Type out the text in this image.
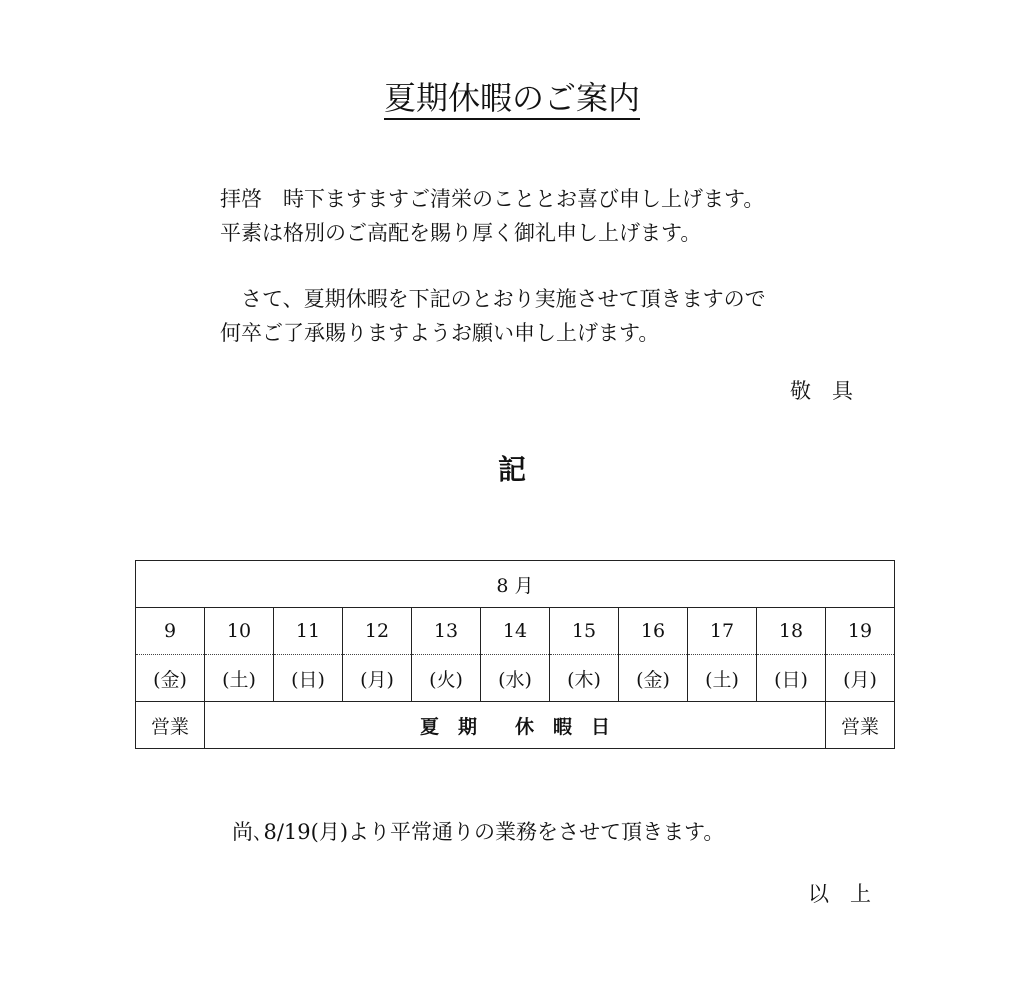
夏期休暇のご案内
拝啓　時下ますますご清栄のこととお喜び申し上げます。
平素は格別のご高配を賜り厚く御礼申し上げます。
　さて、夏期休暇を下記のとおり実施させて頂きますので
何卒ご了承賜りますようお願い申し上げます。
敬　具
記
8 月										
9	10	11	12	13	14	15	16	17	18	19
(金)	(土)	(日)	(月)	(火)	(水)	(木)	(金)	(土)	(日)	(月)
営業	夏　期　　休　暇　日									営業
尚､8/19(月)より平常通りの業務をさせて頂きます。
以　上
